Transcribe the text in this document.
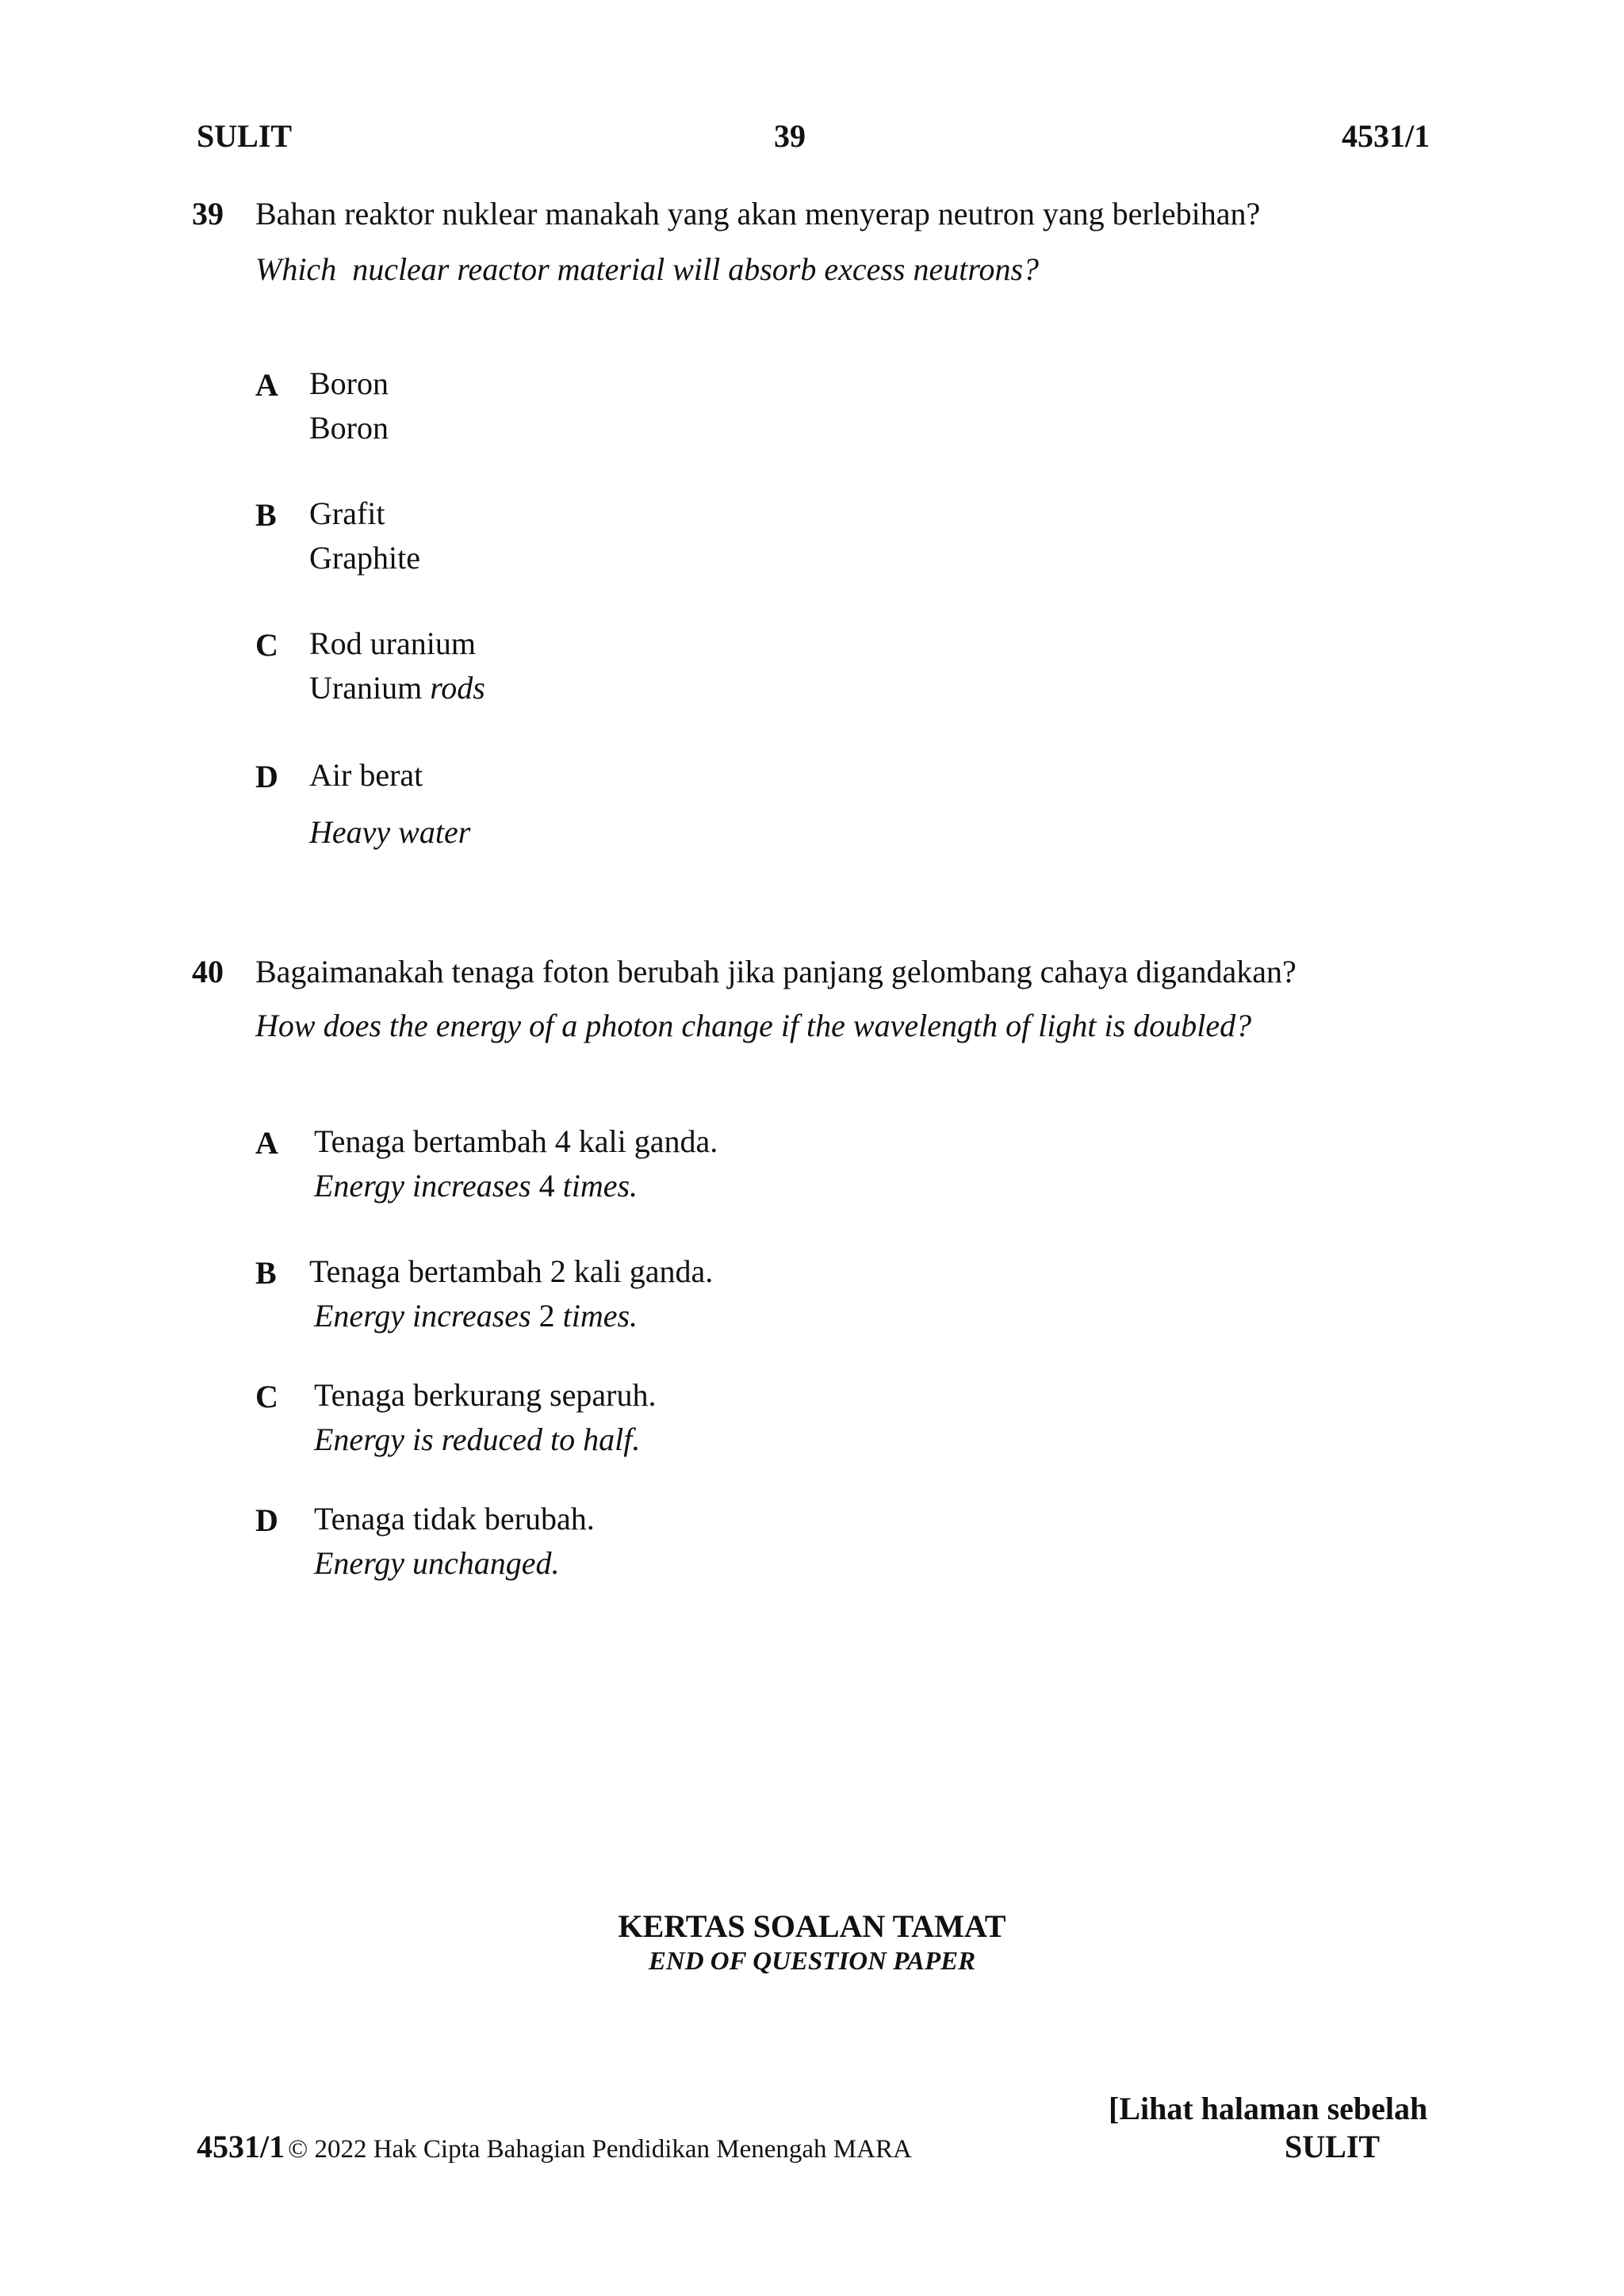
SULIT	39	4531/1
39 Bahan reaktor nuklear manakah yang akan menyerap neutron yang berlebihan?
Which  nuclear reactor material will absorb excess neutrons?
A Boron
Boron
B Grafit
Graphite
C Rod uranium
Uranium rods
D Air berat
Heavy water
40 Bagaimanakah tenaga foton berubah jika panjang gelombang cahaya digandakan?
How does the energy of a photon change if the wavelength of light is doubled?
A Tenaga bertambah 4 kali ganda.
Energy increases 4 times.
B Tenaga bertambah 2 kali ganda.
Energy increases 2 times.
C Tenaga berkurang separuh.
Energy is reduced to half.
D Tenaga tidak berubah.
Energy unchanged.
KERTAS SOALAN TAMAT
END OF QUESTION PAPER
[Lihat halaman sebelah
4531/1 © 2022 Hak Cipta Bahagian Pendidikan Menengah MARA	SULIT
